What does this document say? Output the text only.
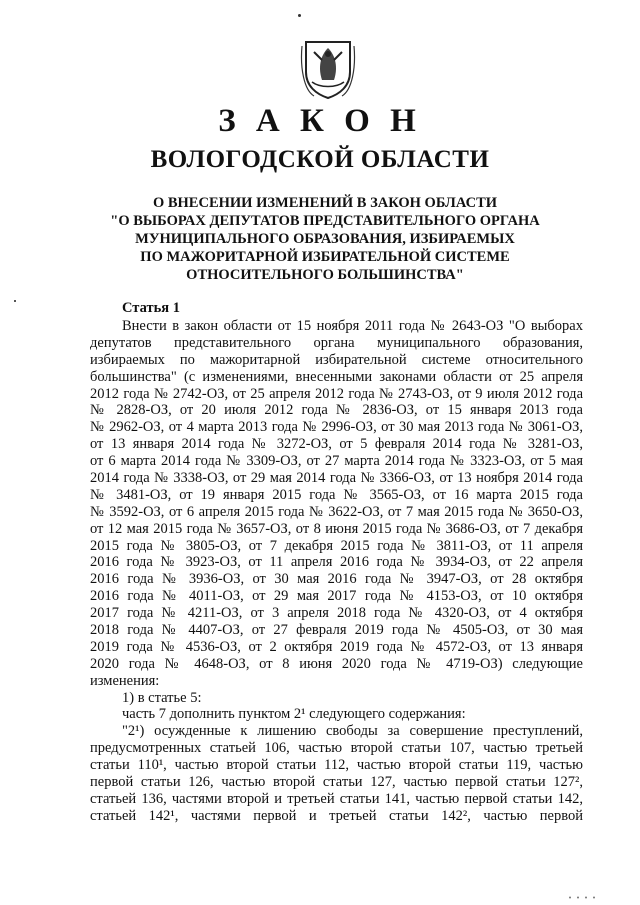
З А К О Н
ВОЛОГОДСКОЙ ОБЛАСТИ
О ВНЕСЕНИИ ИЗМЕНЕНИЙ В ЗАКОН ОБЛАСТИ
"О ВЫБОРАХ ДЕПУТАТОВ ПРЕДСТАВИТЕЛЬНОГО ОРГАНА
МУНИЦИПАЛЬНОГО ОБРАЗОВАНИЯ, ИЗБИРАЕМЫХ
ПО МАЖОРИТАРНОЙ ИЗБИРАТЕЛЬНОЙ СИСТЕМЕ
ОТНОСИТЕЛЬНОГО БОЛЬШИНСТВА"
Статья 1
Внести в закон области от 15 ноября 2011 года № 2643-ОЗ "О выборах
депутатов представительного органа муниципального образования,
избираемых по мажоритарной избирательной системе относительного
большинства" (с изменениями, внесенными законами области от 25 апреля
2012 года № 2742-ОЗ, от 25 апреля 2012 года № 2743-ОЗ, от 9 июля 2012 года
№ 2828-ОЗ, от 20 июля 2012 года № 2836-ОЗ, от 15 января 2013 года
№ 2962-ОЗ, от 4 марта 2013 года № 2996-ОЗ, от 30 мая 2013 года № 3061-ОЗ,
от 13 января 2014 года № 3272-ОЗ, от 5 февраля 2014 года № 3281-ОЗ,
от 6 марта 2014 года № 3309-ОЗ, от 27 марта 2014 года № 3323-ОЗ, от 5 мая
2014 года № 3338-ОЗ, от 29 мая 2014 года № 3366-ОЗ, от 13 ноября 2014 года
№ 3481-ОЗ, от 19 января 2015 года № 3565-ОЗ, от 16 марта 2015 года
№ 3592-ОЗ, от 6 апреля 2015 года № 3622-ОЗ, от 7 мая 2015 года № 3650-ОЗ,
от 12 мая 2015 года № 3657-ОЗ, от 8 июня 2015 года № 3686-ОЗ, от 7 декабря
2015 года № 3805-ОЗ, от 7 декабря 2015 года № 3811-ОЗ, от 11 апреля
2016 года № 3923-ОЗ, от 11 апреля 2016 года № 3934-ОЗ, от 22 апреля
2016 года № 3936-ОЗ, от 30 мая 2016 года № 3947-ОЗ, от 28 октября
2016 года № 4011-ОЗ, от 29 мая 2017 года № 4153-ОЗ, от 10 октября
2017 года № 4211-ОЗ, от 3 апреля 2018 года № 4320-ОЗ, от 4 октября
2018 года № 4407-ОЗ, от 27 февраля 2019 года № 4505-ОЗ, от 30 мая
2019 года № 4536-ОЗ, от 2 октября 2019 года № 4572-ОЗ, от 13 января
2020 года № 4648-ОЗ, от 8 июня 2020 года № 4719-ОЗ) следующие
изменения:
1) в статье 5:
часть 7 дополнить пунктом 2¹ следующего содержания:
"2¹) осужденные к лишению свободы за совершение преступлений,
предусмотренных статьей 106, частью второй статьи 107, частью третьей
статьи 110¹, частью второй статьи 112, частью второй статьи 119, частью
первой статьи 126, частью второй статьи 127, частью первой статьи 127²,
статьей 136, частями второй и третьей статьи 141, частью первой статьи 142,
статьей 142¹, частями первой и третьей статьи 142², частью первой
